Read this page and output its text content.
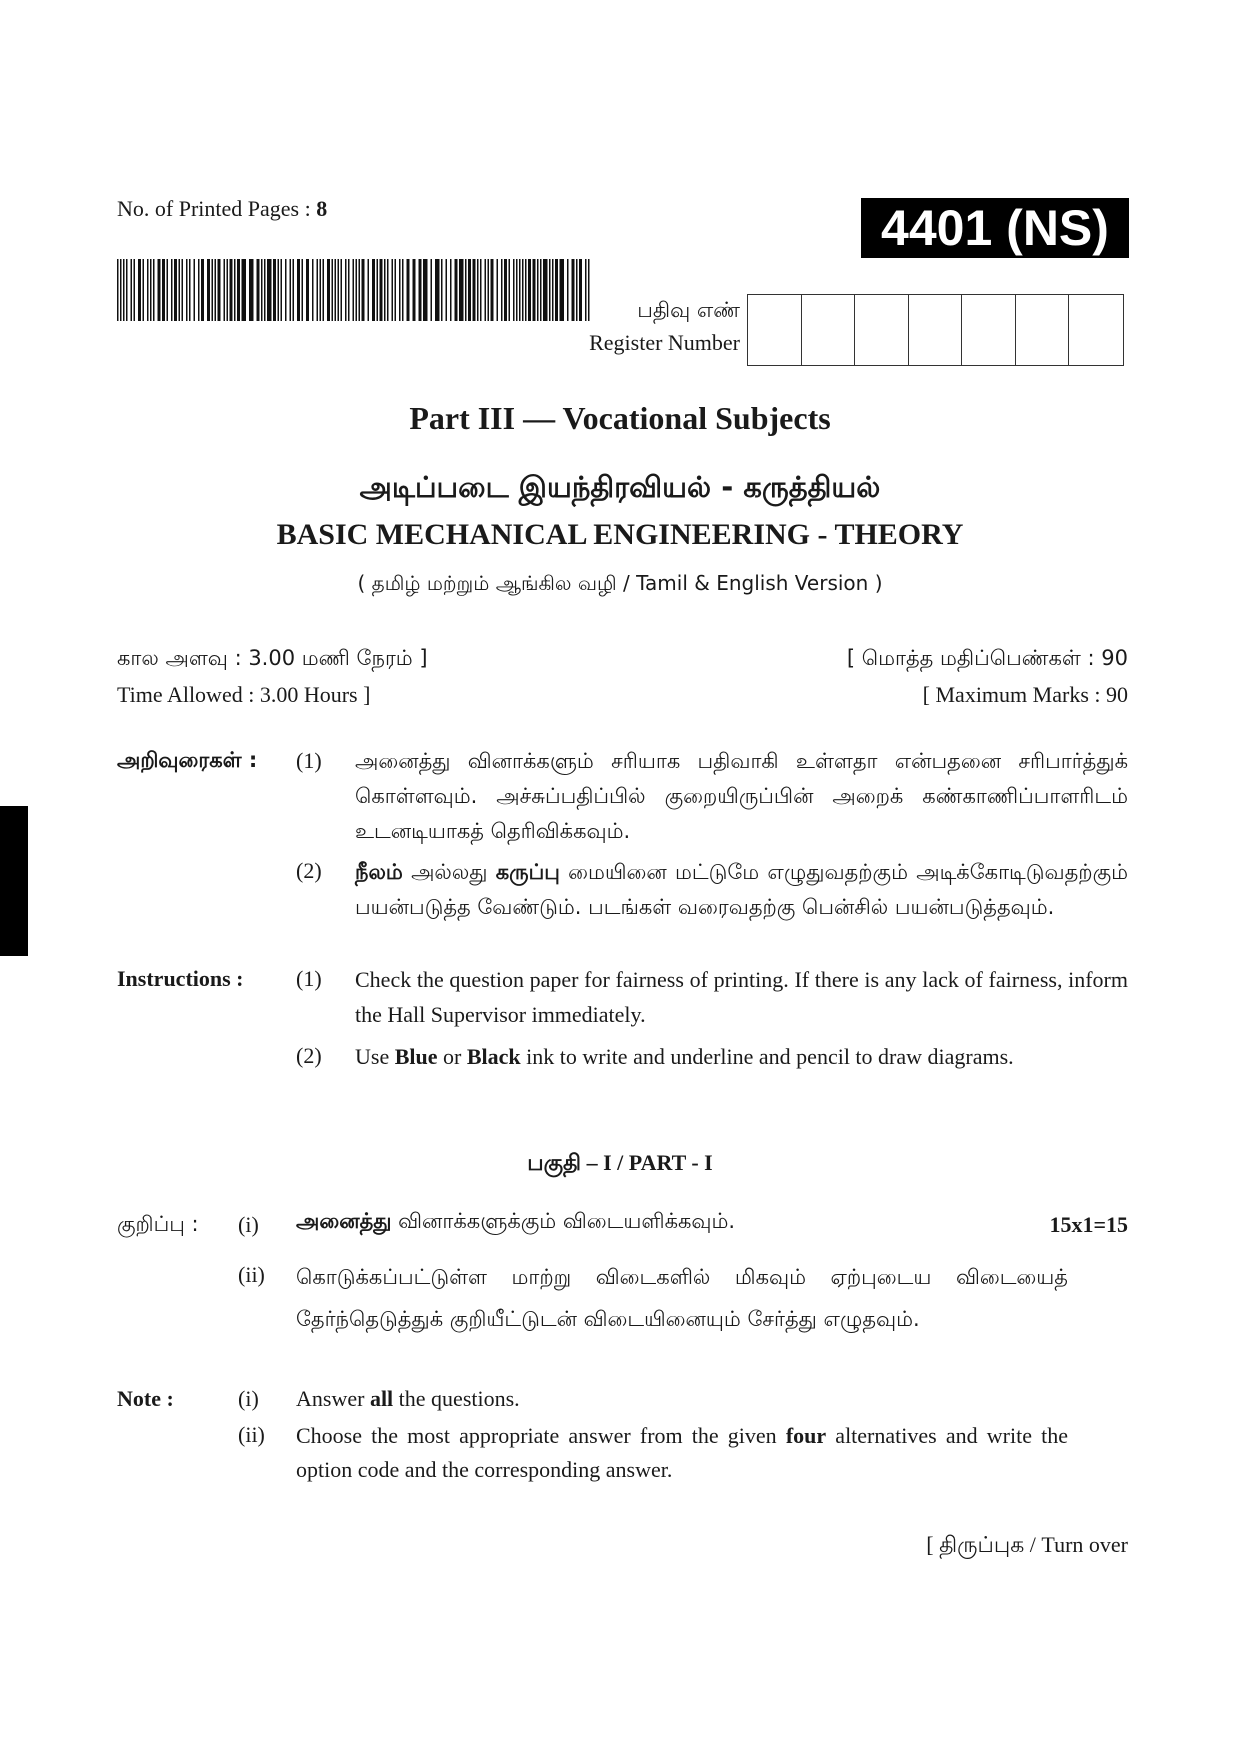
No. of Printed Pages : 8	4401 (NS)
பதிவு எண்
Register Number
Part III — Vocational Subjects
அடிப்படை இயந்திரவியல் - கருத்தியல்
BASIC MECHANICAL ENGINEERING - THEORY
( தமிழ் மற்றும் ஆங்கில வழி / Tamil & English Version )
கால அளவு : 3.00 மணி நேரம் ]
Time Allowed : 3.00 Hours ]
[ மொத்த மதிப்பெண்கள் : 90
[ Maximum Marks : 90
அறிவுரைகள் : (1) அனைத்து வினாக்களும் சரியாக பதிவாகி உள்ளதா என்பதனை சரிபார்த்துக் கொள்ளவும். அச்சுப்பதிப்பில் குறையிருப்பின் அறைக் கண்காணிப்பாளரிடம் உடனடியாகத் தெரிவிக்கவும்.
(2) நீலம் அல்லது கருப்பு மையினை மட்டுமே எழுதுவதற்கும் அடிக்கோடிடுவதற்கும் பயன்படுத்த வேண்டும். படங்கள் வரைவதற்கு பென்சில் பயன்படுத்தவும்.
Instructions : (1) Check the question paper for fairness of printing. If there is any lack of fairness, inform the Hall Supervisor immediately.
(2) Use Blue or Black ink to write and underline and pencil to draw diagrams.
பகுதி – I / PART - I
குறிப்பு : (i) அனைத்து வினாக்களுக்கும் விடையளிக்கவும்.	15x1=15
(ii) கொடுக்கப்பட்டுள்ள மாற்று விடைகளில் மிகவும் ஏற்புடைய விடையைத் தேர்ந்தெடுத்துக் குறியீட்டுடன் விடையினையும் சேர்த்து எழுதவும்.
Note :	(i) Answer all the questions.
(ii) Choose the most appropriate answer from the given four alternatives and write the option code and the corresponding answer.
[ திருப்புக / Turn over
